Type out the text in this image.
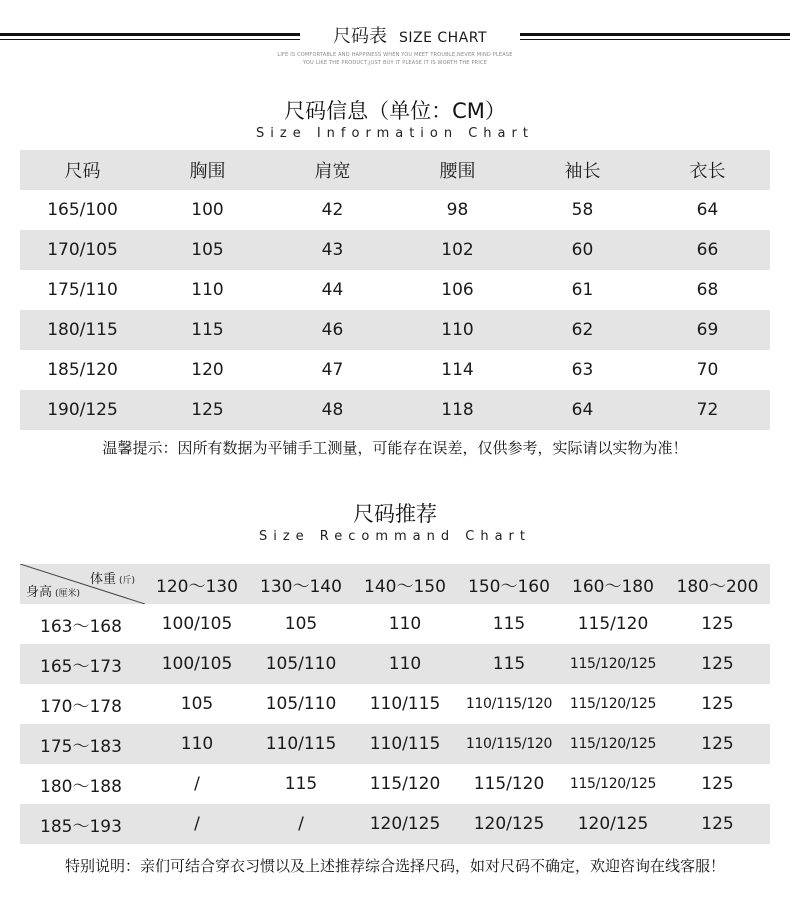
尺码表 SIZE CHART
LIFE IS COMFORTABLE AND HAPPINESS WHEN YOU MEET TROUBLE,NEVER MIND PLEASE
YOU LIKE THE PRODUCT,JUST BUY IT PLEASE IT IS WORTH THE PRICE
尺码信息（单位：CM）
Size Information Chart
尺码	胸围	肩宽	腰围	袖长	衣长
165/100	100	42	98	58	64
170/105	105	43	102	60	66
175/110	110	44	106	61	68
180/115	115	46	110	62	69
185/120	120	47	114	63	70
190/125	125	48	118	64	72
温馨提示：因所有数据为平铺手工测量，可能存在误差，仅供参考，实际请以实物为准！
尺码推荐
Size Recommand Chart
体重 (斤)
身高 (厘米)	120～130	130～140	140～150	150～160	160～180	180～200
163～168	100/105	105	110	115	115/120	125
165～173	100/105	105/110	110	115	115/120/125	125
170～178	105	105/110	110/115	110/115/120	115/120/125	125
175～183	110	110/115	110/115	110/115/120	115/120/125	125
180～188	/	115	115/120	115/120	115/120/125	125
185～193	/	/	120/125	120/125	120/125	125
特别说明：亲们可结合穿衣习惯以及上述推荐综合选择尺码，如对尺码不确定，欢迎咨询在线客服！
